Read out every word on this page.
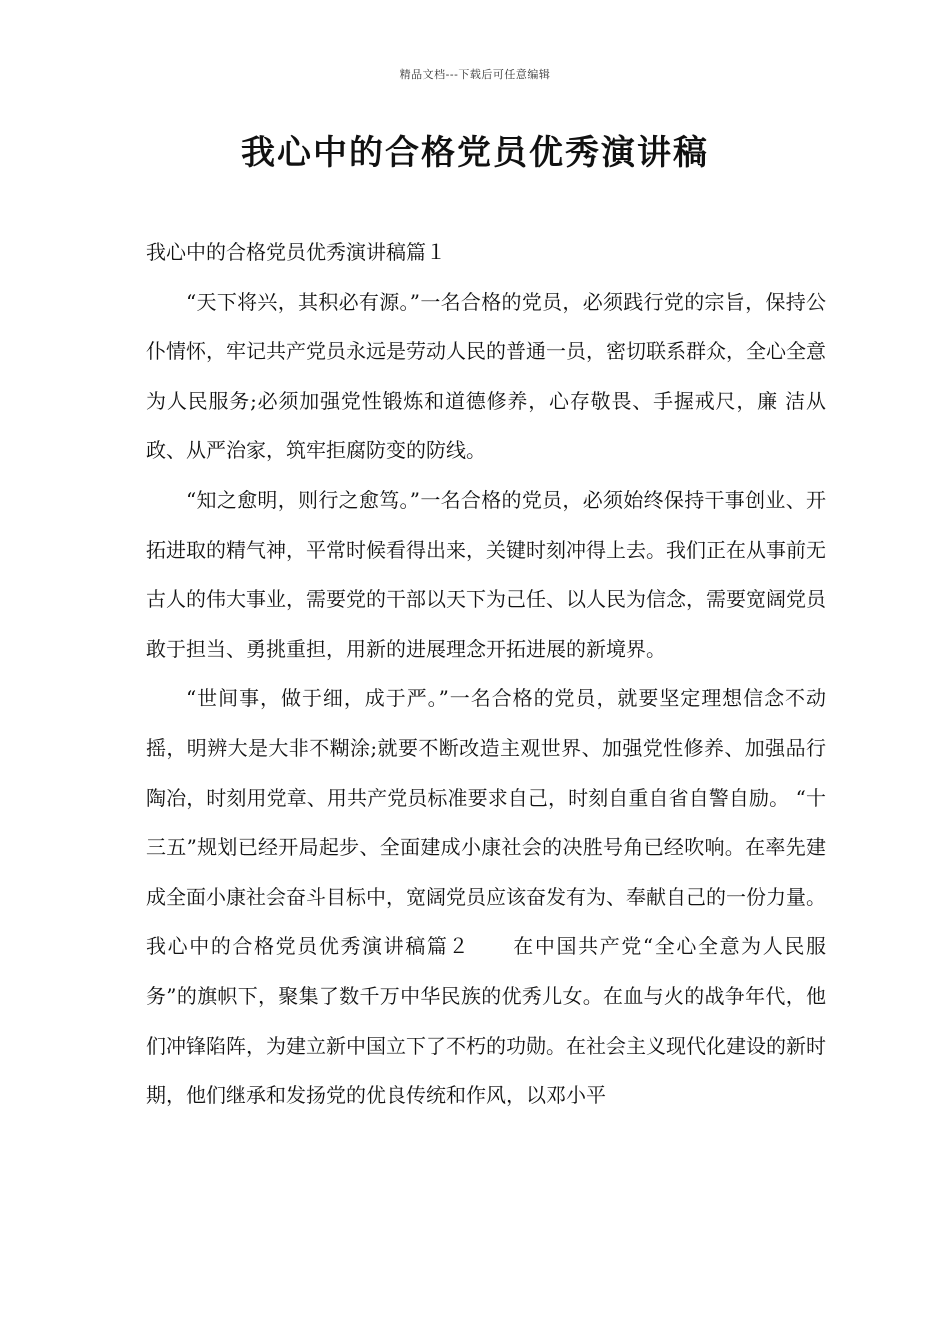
精品文档---下载后可任意编辑
我心中的合格党员优秀演讲稿

我心中的合格党员优秀演讲稿篇１

“天下将兴，其积必有源。”一名合格的党员，必须践行党的宗旨，保持公仆情怀，牢记共产党员永远是劳动人民的普通一员，密切联系群众，全心全意为人民服务;必须加强党性锻炼和道德修养，心存敬畏、手握戒尺，廉 洁从政、从严治家，筑牢拒腐防变的防线。

“知之愈明，则行之愈笃。”一名合格的党员，必须始终保持干事创业、开拓进取的精气神，平常时候看得出来，关键时刻冲得上去。我们正在从事前无古人的伟大事业，需要党的干部以天下为己任、以人民为信念，需要宽阔党员敢于担当、勇挑重担，用新的进展理念开拓进展的新境界。

“世间事，做于细，成于严。”一名合格的党员，就要坚定理想信念不动摇，明辨大是大非不糊涂;就要不断改造主观世界、加强党性修养、加强品行陶冶，时刻用党章、用共产党员标准要求自己，时刻自重自省自警自励。 “十三五”规划已经开局起步、全面建成小康社会的决胜号角已经吹响。在率先建成全面小康社会奋斗目标中，宽阔党员应该奋发有为、奉献自己的一份力量。我心中的合格党员优秀演讲稿篇２　　在中国共产党“全心全意为人民服务”的旗帜下，聚集了数千万中华民族的优秀儿女。在血与火的战争年代，他们冲锋陷阵，为建立新中国立下了不朽的功勋。在社会主义现代化建设的新时期，他们继承和发扬党的优良传统和作风，以邓小平
